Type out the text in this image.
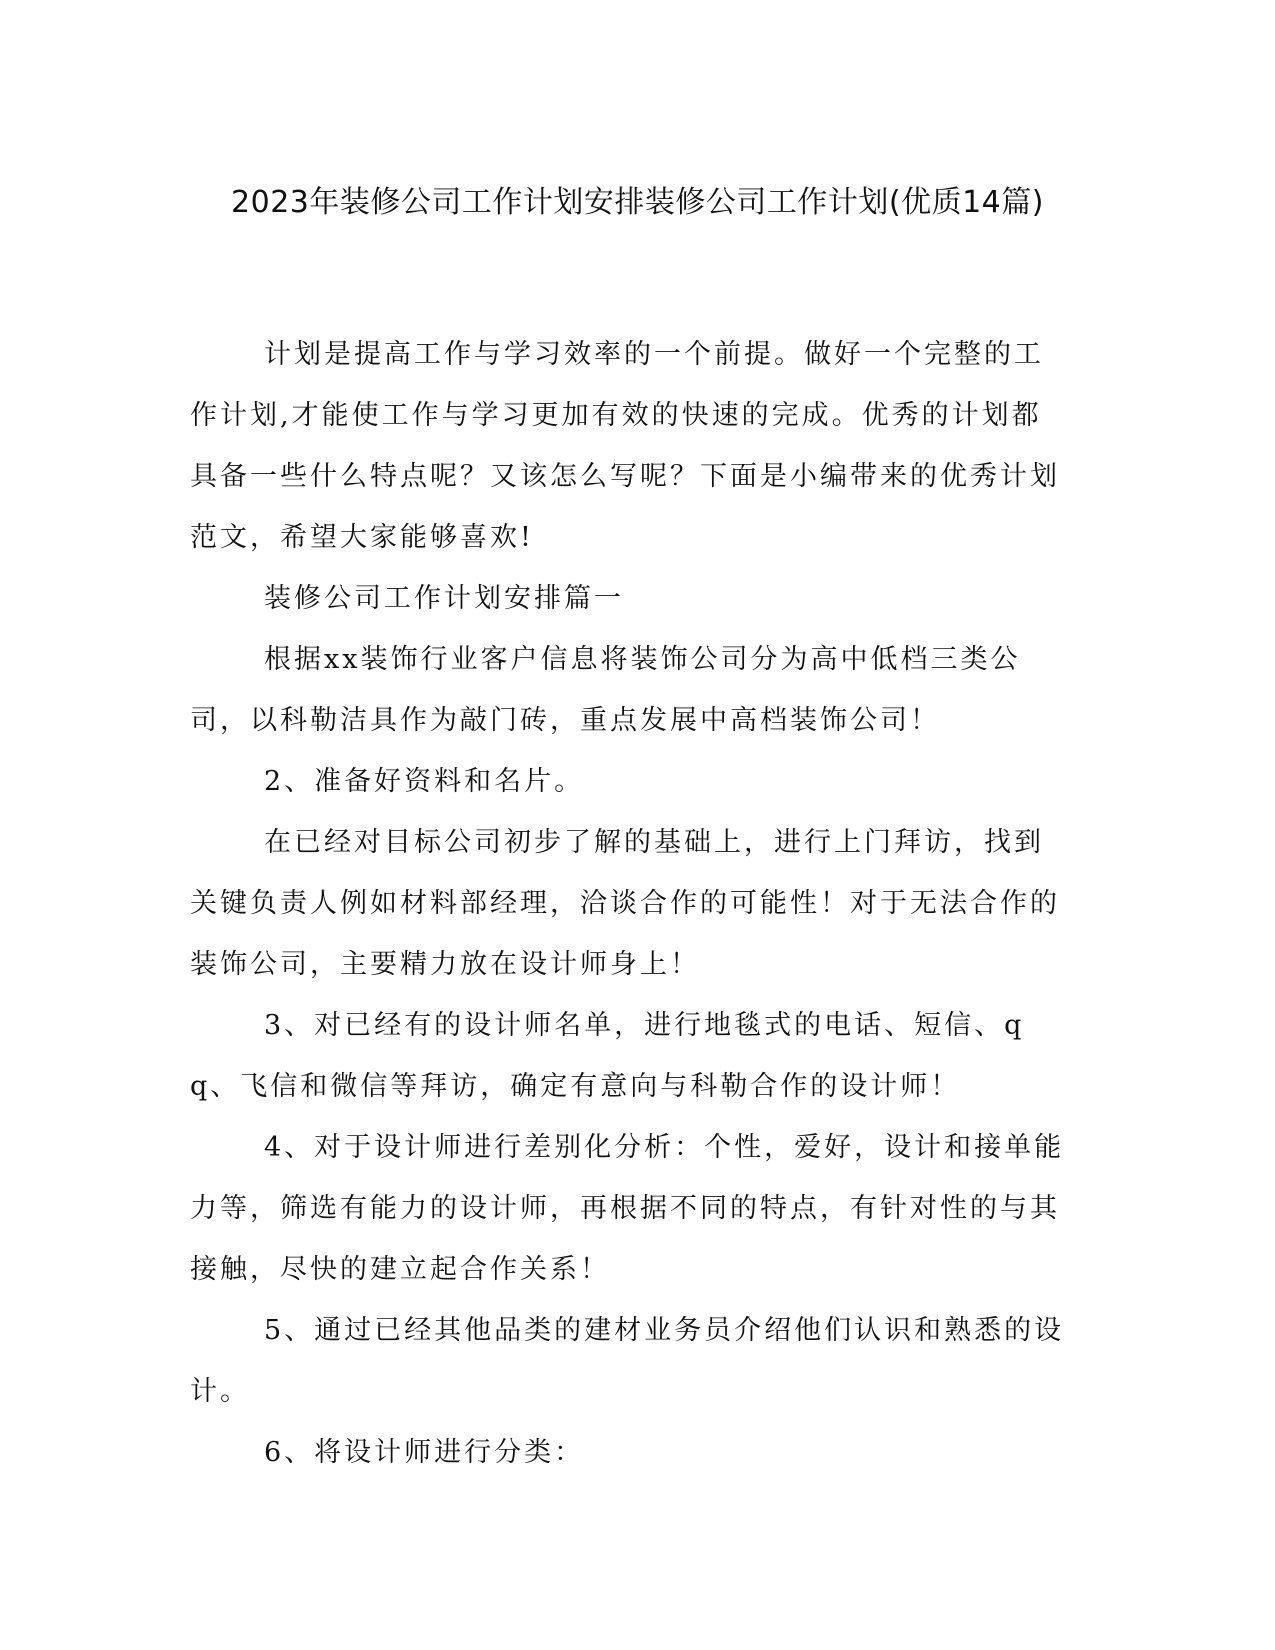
2023年装修公司工作计划安排装修公司工作计划(优质14篇)

计划是提高工作与学习效率的一个前提。做好一个完整的工作计划,才能使工作与学习更加有效的快速的完成。优秀的计划都具备一些什么特点呢？又该怎么写呢？下面是小编带来的优秀计划范文，希望大家能够喜欢!

装修公司工作计划安排篇一

根据xx装饰行业客户信息将装饰公司分为高中低档三类公司，以科勒洁具作为敲门砖，重点发展中高档装饰公司！

2、准备好资料和名片。

在已经对目标公司初步了解的基础上，进行上门拜访，找到关键负责人例如材料部经理，洽谈合作的可能性！对于无法合作的装饰公司，主要精力放在设计师身上！

3、对已经有的设计师名单，进行地毯式的电话、短信、qq、飞信和微信等拜访，确定有意向与科勒合作的设计师！

4、对于设计师进行差别化分析：个性，爱好，设计和接单能力等，筛选有能力的设计师，再根据不同的特点，有针对性的与其接触，尽快的建立起合作关系！

5、通过已经其他品类的建材业务员介绍他们认识和熟悉的设计。

6、将设计师进行分类：
